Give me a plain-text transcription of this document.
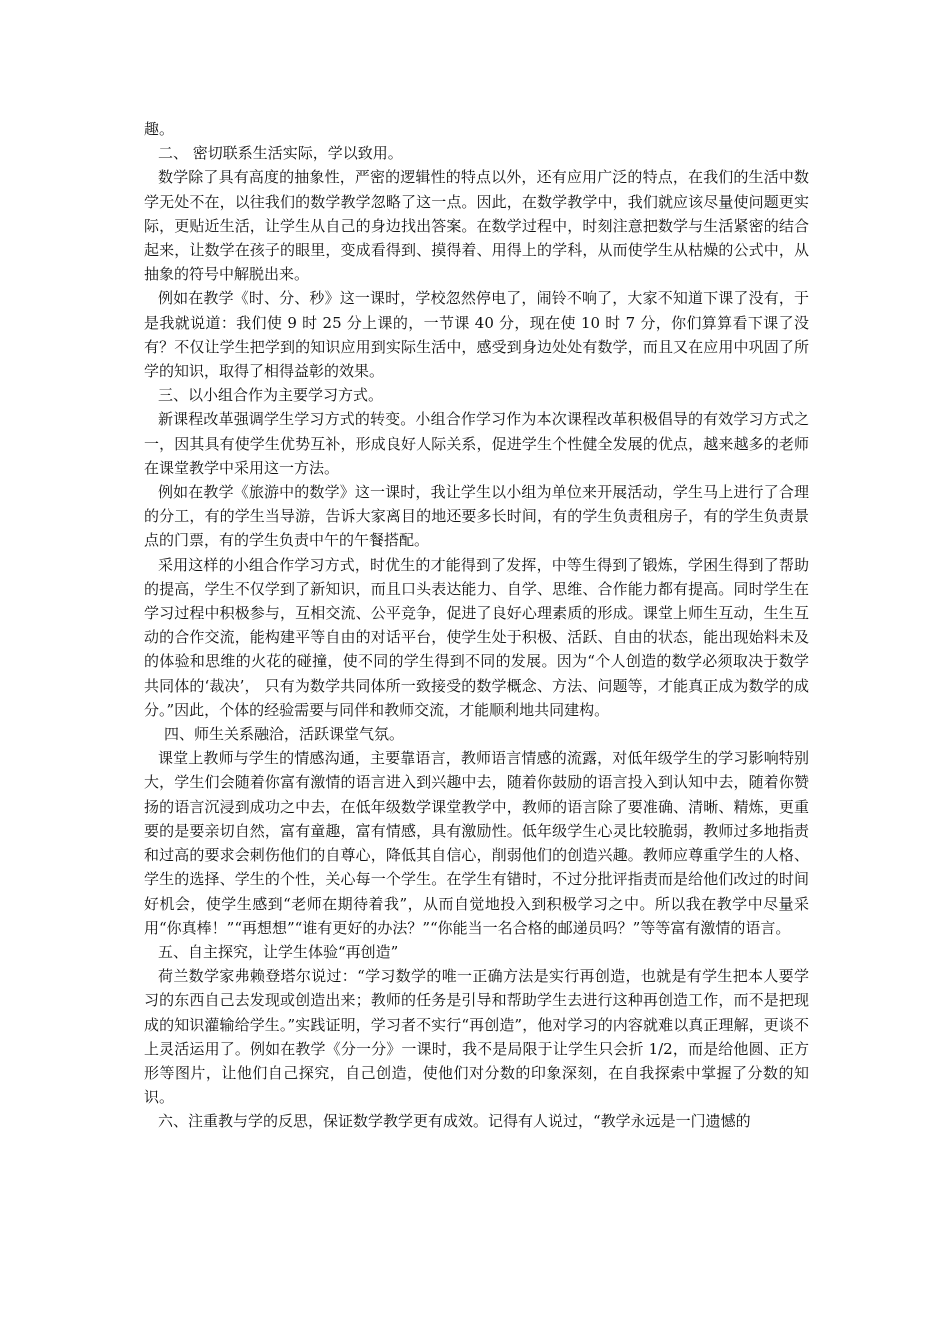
趣。

二、 密切联系生活实际，学以致用。

数学除了具有高度的抽象性，严密的逻辑性的特点以外，还有应用广泛的特点，在我们的生活中数学无处不在，以往我们的数学教学忽略了这一点。因此，在数学教学中，我们就应该尽量使问题更实际，更贴近生活，让学生从自己的身边找出答案。在数学过程中，时刻注意把数学与生活紧密的结合起来，让数学在孩子的眼里，变成看得到、摸得着、用得上的学科，从而使学生从枯燥的公式中，从抽象的符号中解脱出来。

例如在教学《时、分、秒》这一课时，学校忽然停电了，闹铃不响了，大家不知道下课了没有，于是我就说道：我们使 9 时 25 分上课的，一节课 40 分，现在使 10 时 7 分，你们算算看下课了没有？不仅让学生把学到的知识应用到实际生活中，感受到身边处处有数学，而且又在应用中巩固了所学的知识，取得了相得益彰的效果。

三、以小组合作为主要学习方式。

新课程改革强调学生学习方式的转变。小组合作学习作为本次课程改革积极倡导的有效学习方式之一，因其具有使学生优势互补，形成良好人际关系，促进学生个性健全发展的优点，越来越多的老师在课堂教学中采用这一方法。

例如在教学《旅游中的数学》这一课时，我让学生以小组为单位来开展活动，学生马上进行了合理的分工，有的学生当导游，告诉大家离目的地还要多长时间，有的学生负责租房子，有的学生负责景点的门票，有的学生负责中午的午餐搭配。

采用这样的小组合作学习方式，时优生的才能得到了发挥，中等生得到了锻炼，学困生得到了帮助的提高，学生不仅学到了新知识，而且口头表达能力、自学、思维、合作能力都有提高。同时学生在学习过程中积极参与，互相交流、公平竞争，促进了良好心理素质的形成。课堂上师生互动，生生互动的合作交流，能构建平等自由的对话平台，使学生处于积极、活跃、自由的状态，能出现始料未及的体验和思维的火花的碰撞，使不同的学生得到不同的发展。因为“个人创造的数学必须取决于数学共同体的‘裁决’， 只有为数学共同体所一致接受的数学概念、方法、问题等，才能真正成为数学的成分。”因此，个体的经验需要与同伴和教师交流，才能顺利地共同建构。

四、师生关系融洽，活跃课堂气氛。

课堂上教师与学生的情感沟通，主要靠语言，教师语言情感的流露，对低年级学生的学习影响特别大，学生们会随着你富有激情的语言进入到兴趣中去，随着你鼓励的语言投入到认知中去，随着你赞扬的语言沉浸到成功之中去，在低年级数学课堂教学中，教师的语言除了要准确、清晰、精炼，更重要的是要亲切自然，富有童趣，富有情感，具有激励性。低年级学生心灵比较脆弱，教师过多地指责和过高的要求会刺伤他们的自尊心，降低其自信心，削弱他们的创造兴趣。教师应尊重学生的人格、学生的选择、学生的个性，关心每一个学生。在学生有错时，不过分批评指责而是给他们改过的时间好机会，使学生感到“老师在期待着我”，从而自觉地投入到积极学习之中。所以我在教学中尽量采用“你真棒！”“再想想”“谁有更好的办法？”“你能当一名合格的邮递员吗？”等等富有激情的语言。

五、自主探究，让学生体验“再创造”

荷兰数学家弗赖登塔尔说过：“学习数学的唯一正确方法是实行再创造，也就是有学生把本人要学习的东西自己去发现或创造出来；教师的任务是引导和帮助学生去进行这种再创造工作，而不是把现成的知识灌输给学生。”实践证明，学习者不实行“再创造”，他对学习的内容就难以真正理解，更谈不上灵活运用了。例如在教学《分一分》一课时，我不是局限于让学生只会折 1/2，而是给他圆、正方形等图片，让他们自己探究，自己创造，使他们对分数的印象深刻，在自我探索中掌握了分数的知识。

六、注重教与学的反思，保证数学教学更有成效。记得有人说过，“教学永远是一门遗憾的
